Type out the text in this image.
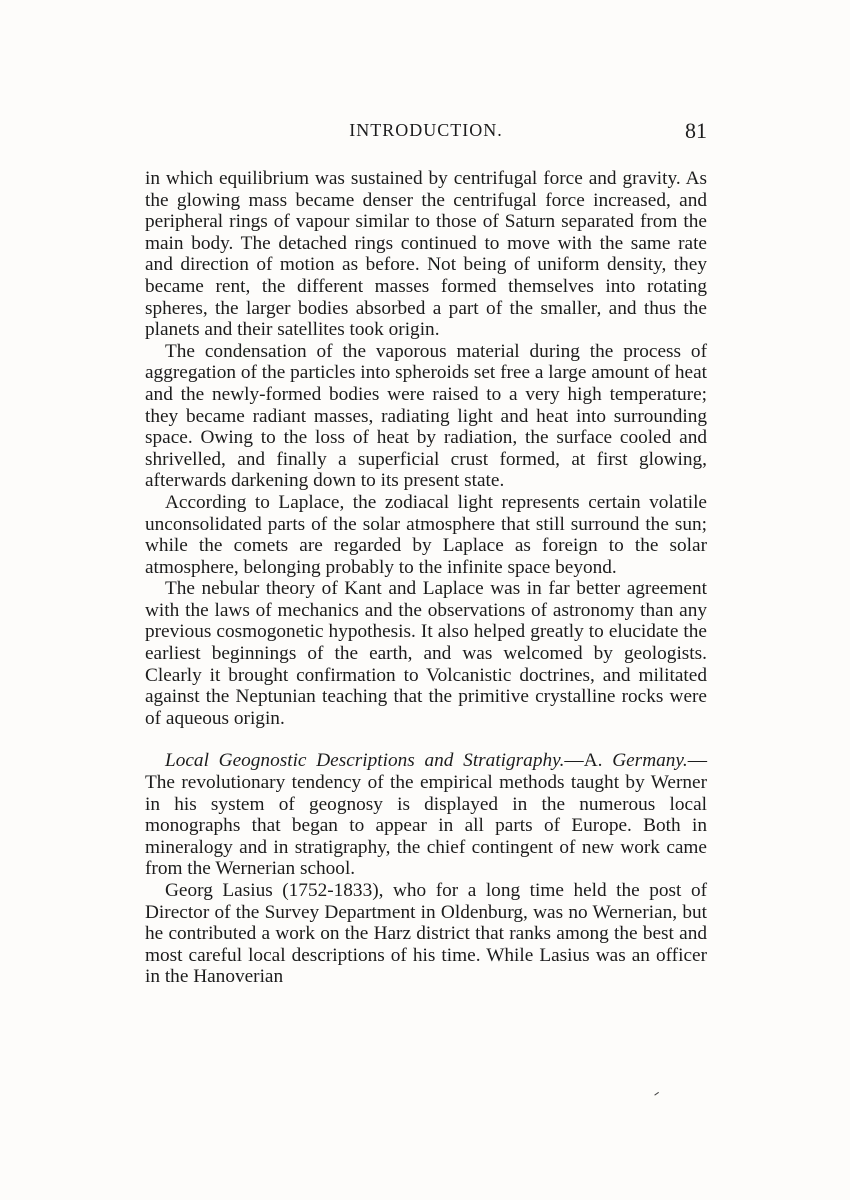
INTRODUCTION.	81

in which equilibrium was sustained by centrifugal force and gravity. As the glowing mass became denser the centrifugal force increased, and peripheral rings of vapour similar to those of Saturn separated from the main body. The detached rings continued to move with the same rate and direction of motion as before. Not being of uniform density, they became rent, the different masses formed themselves into rotating spheres, the larger bodies absorbed a part of the smaller, and thus the planets and their satellites took origin.

The condensation of the vaporous material during the process of aggregation of the particles into spheroids set free a large amount of heat and the newly-formed bodies were raised to a very high temperature; they became radiant masses, radiating light and heat into surrounding space. Owing to the loss of heat by radiation, the surface cooled and shrivelled, and finally a superficial crust formed, at first glowing, afterwards darkening down to its present state.

According to Laplace, the zodiacal light represents certain volatile unconsolidated parts of the solar atmosphere that still surround the sun; while the comets are regarded by Laplace as foreign to the solar atmosphere, belonging probably to the infinite space beyond.

The nebular theory of Kant and Laplace was in far better agreement with the laws of mechanics and the observations of astronomy than any previous cosmogonetic hypothesis. It also helped greatly to elucidate the earliest beginnings of the earth, and was welcomed by geologists. Clearly it brought confirmation to Volcanistic doctrines, and militated against the Neptunian teaching that the primitive crystalline rocks were of aqueous origin.

Local Geognostic Descriptions and Stratigraphy.—A. Germany.—The revolutionary tendency of the empirical methods taught by Werner in his system of geognosy is displayed in the numerous local monographs that began to appear in all parts of Europe. Both in mineralogy and in stratigraphy, the chief contingent of new work came from the Wernerian school.

Georg Lasius (1752-1833), who for a long time held the post of Director of the Survey Department in Oldenburg, was no Wernerian, but he contributed a work on the Harz district that ranks among the best and most careful local descriptions of his time. While Lasius was an officer in the Hanoverian
